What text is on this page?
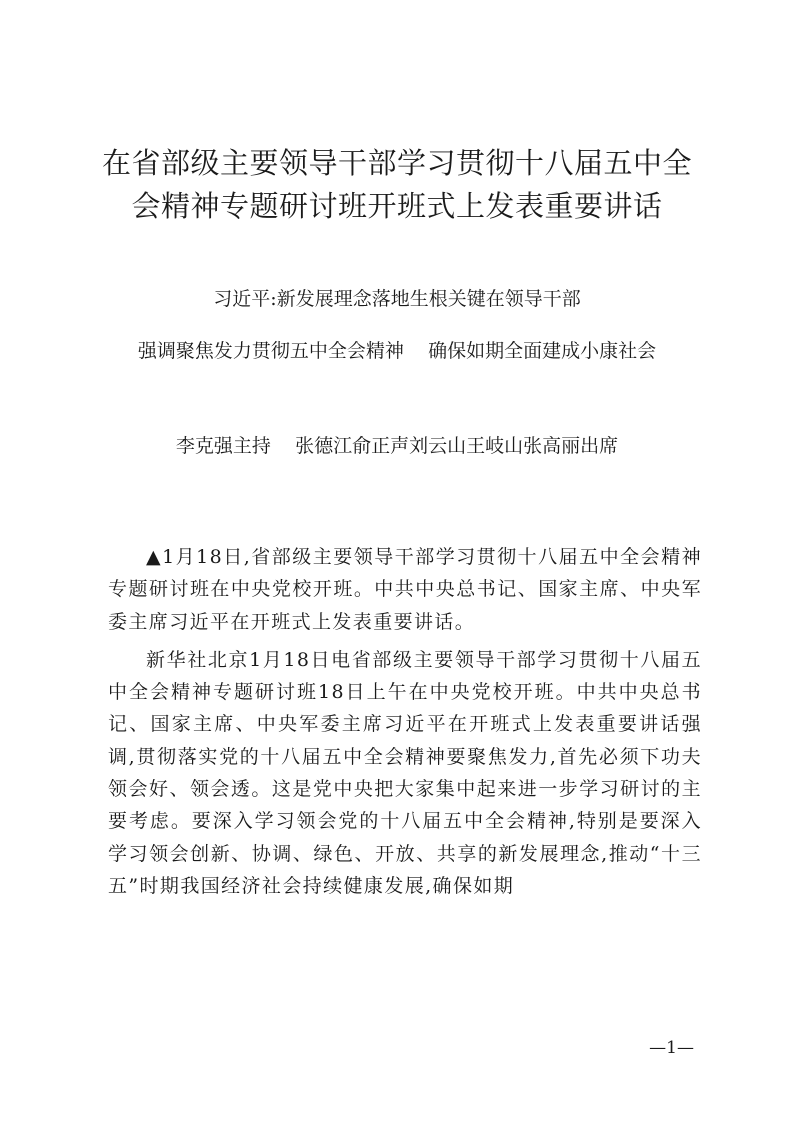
在省部级主要领导干部学习贯彻十八届五中全
会精神专题研讨班开班式上发表重要讲话
习近平:新发展理念落地生根关键在领导干部
强调聚焦发力贯彻五中全会精神    确保如期全面建成小康社会
李克强主持    张德江俞正声刘云山王岐山张高丽出席

▲1月18日,省部级主要领导干部学习贯彻十八届五中全会精神专题研讨班在中央党校开班。中共中央总书记、国家主席、中央军委主席习近平在开班式上发表重要讲话。

新华社北京1月18日电省部级主要领导干部学习贯彻十八届五中全会精神专题研讨班18日上午在中央党校开班。中共中央总书记、国家主席、中央军委主席习近平在开班式上发表重要讲话强调,贯彻落实党的十八届五中全会精神要聚焦发力,首先必须下功夫领会好、领会透。这是党中央把大家集中起来进一步学习研讨的主要考虑。要深入学习领会党的十八届五中全会精神,特别是要深入学习领会创新、协调、绿色、开放、共享的新发展理念,推动“十三五”时期我国经济社会持续健康发展,确保如期

—1—
